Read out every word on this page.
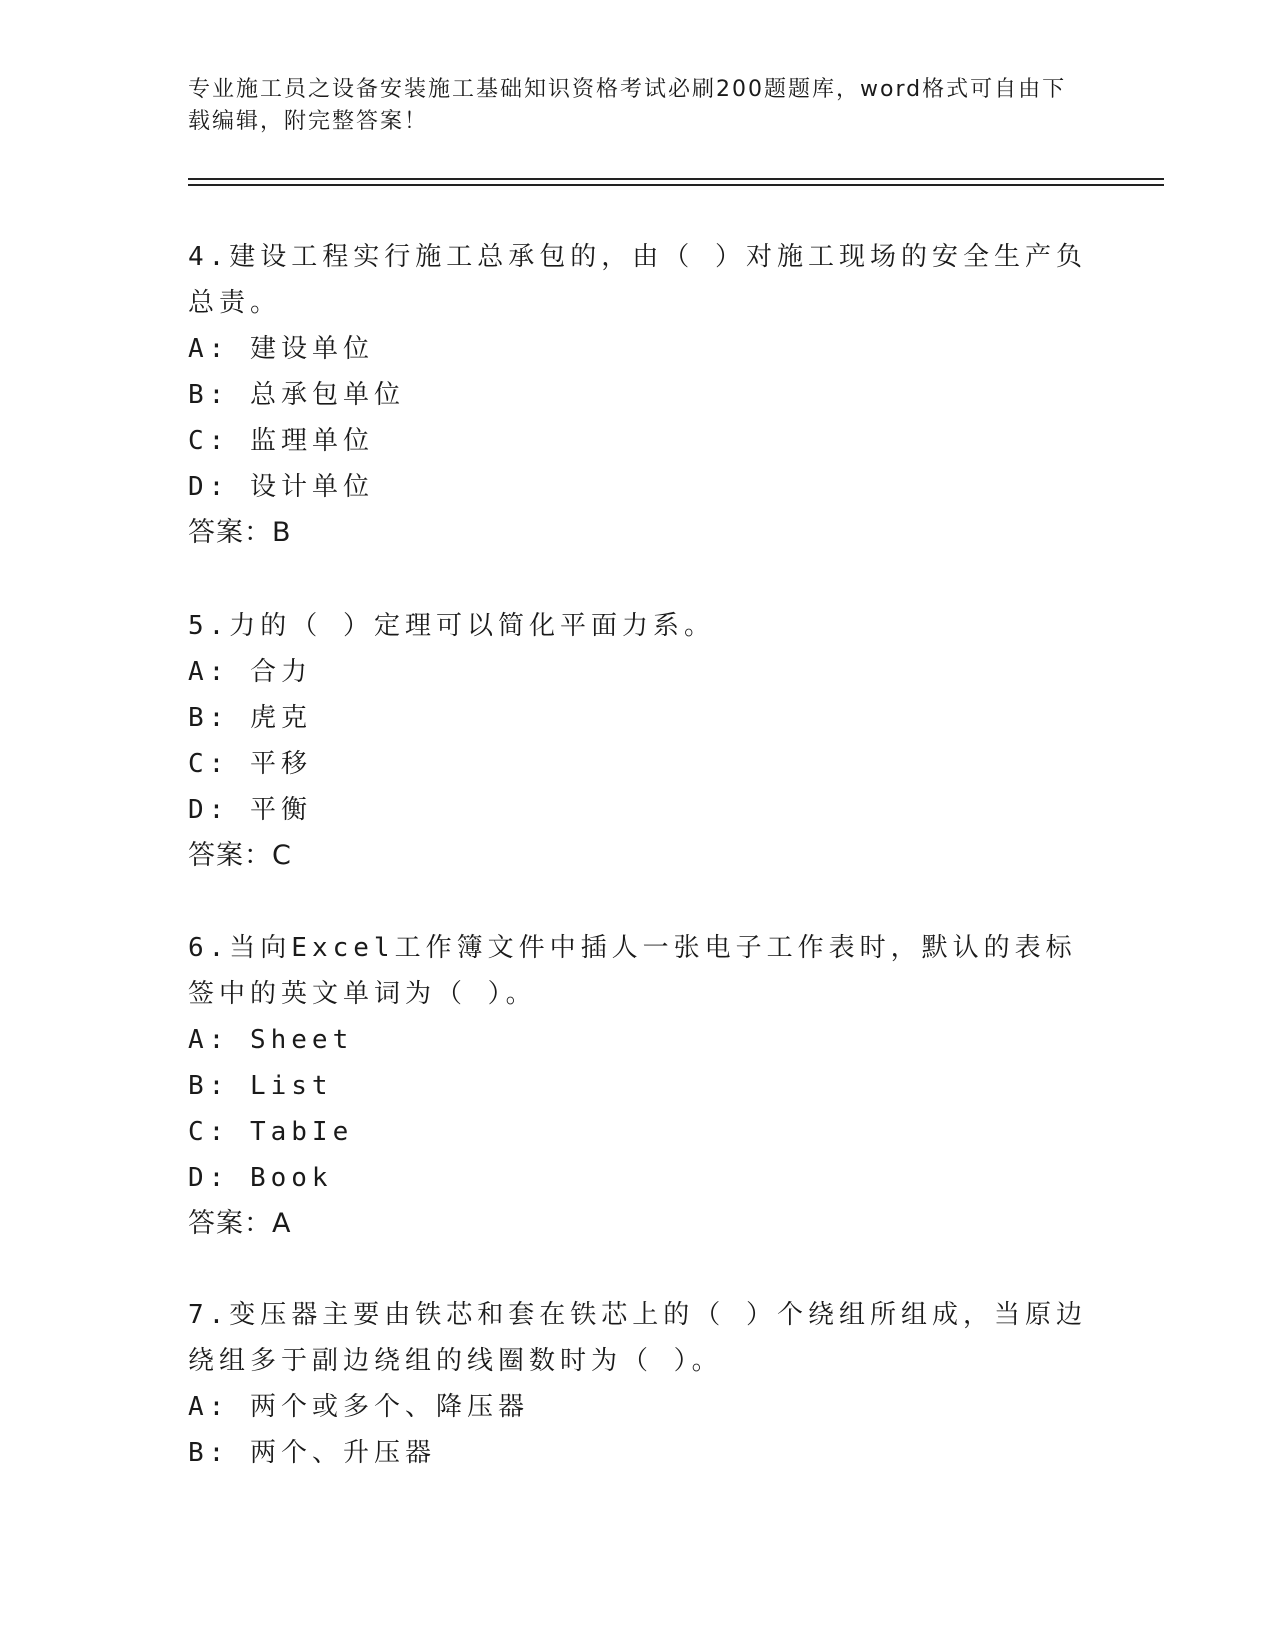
专业施工员之设备安装施工基础知识资格考试必刷200题题库，word格式可自由下载编辑，附完整答案！

4.建设工程实行施工总承包的，由（ ）对施工现场的安全生产负总责。

A: 建设单位

B: 总承包单位

C: 监理单位

D: 设计单位

答案：B

5.力的（ ）定理可以简化平面力系。

A: 合力

B: 虎克

C: 平移

D: 平衡

答案：C

6.当向Excel工作簿文件中插人一张电子工作表时，默认的表标签中的英文单词为（ ）。

A: Sheet

B: List

C: TabIe

D: Book

答案：A

7.变压器主要由铁芯和套在铁芯上的（ ）个绕组所组成，当原边绕组多于副边绕组的线圈数时为（ ）。

A: 两个或多个、降压器

B: 两个、升压器
